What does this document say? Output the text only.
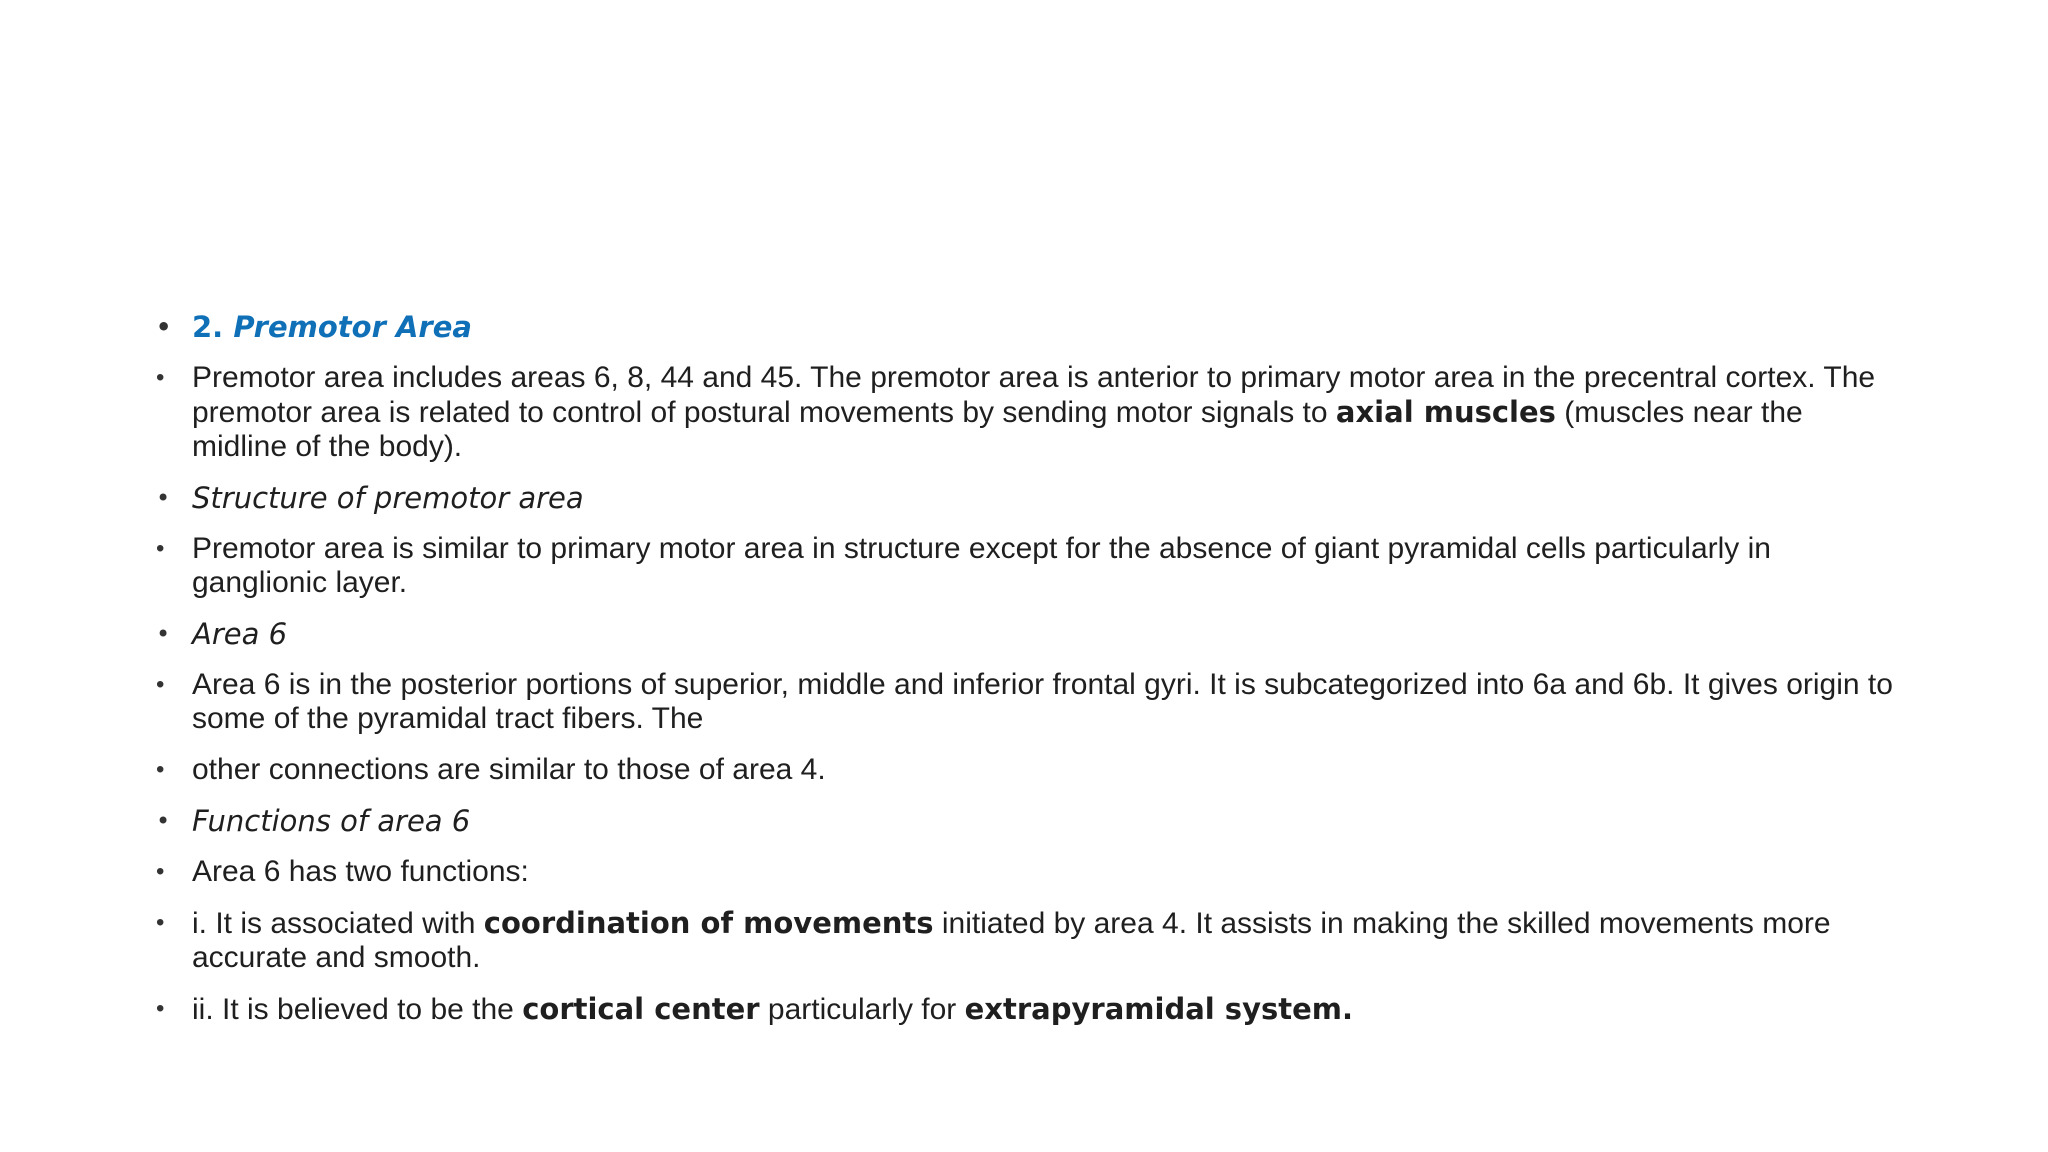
• 2. Premotor Area
• Premotor area includes areas 6, 8, 44 and 45. The premotor area is anterior to primary motor area in the precentral cortex. The premotor area is related to control of postural movements by sending motor signals to axial muscles (muscles near the midline of the body).
• Structure of premotor area
• Premotor area is similar to primary motor area in structure except for the absence of giant pyramidal cells particularly in ganglionic layer.
• Area 6
• Area 6 is in the posterior portions of superior, middle and inferior frontal gyri. It is subcategorized into 6a and 6b. It gives origin to some of the pyramidal tract fibers. The
• other connections are similar to those of area 4.
• Functions of area 6
• Area 6 has two functions:
• i. It is associated with coordination of movements initiated by area 4. It assists in making the skilled movements more accurate and smooth.
• ii. It is believed to be the cortical center particularly for extrapyramidal system.
